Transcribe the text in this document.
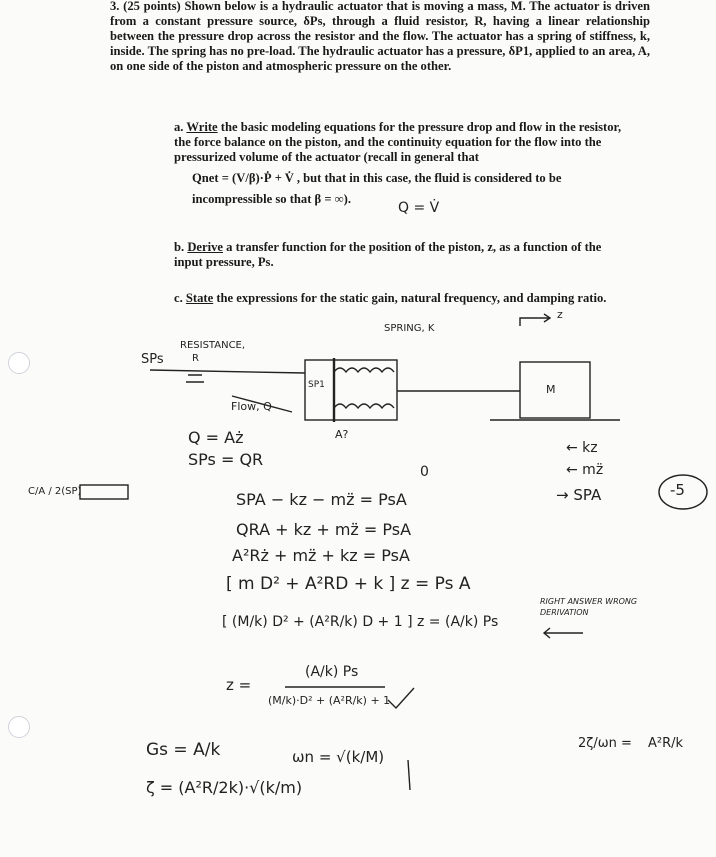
3. (25 points) Shown below is a hydraulic actuator that is moving a mass, M. The actuator is driven from a constant pressure source, δPs, through a fluid resistor, R, having a linear relationship between the pressure drop across the resistor and the flow. The actuator has a spring of stiffness, k, inside. The spring has no pre-load. The hydraulic actuator has a pressure, δP1, applied to an area, A, on one side of the piston and atmospheric pressure on the other.
a. Write the basic modeling equations for the pressure drop and flow in the resistor, the force balance on the piston, and the continuity equation for the flow into the pressurized volume of the actuator (recall in general that
Qnet = (V/β)·Ṗ + V̇ , but that in this case, the fluid is considered to be
incompressible so that β = ∞).
b. Derive a transfer function for the position of the piston, z, as a function of the input pressure, Ps.
c. State the expressions for the static gain, natural frequency, and damping ratio.
Q = V̇
SPRING, K
z
RESISTANCE,
R
SPs
SP1
Flow, Q
A?
M
Q = Aż
SPs = QR
← kz
← mz̈
→ SPA
C/A / 2(SP)	-5
0
SPA − kz − mz̈ = PsA
QRA + kz + mz̈ = PsA
A²Rż + mz̈ + kz = PsA
[ m D² + A²RD + k ] z = Ps A
[ (M/k) D² + (A²R/k) D + 1 ] z = (A/k) Ps
RIGHT ANSWER WRONG DERIVATION
z =
(A/k) Ps
(M/k)·D² + (A²R/k) + 1
Gs = A/k	ωn = √(k/M)
2ζ/ωn = A²R/k
ζ = (A²R/2k)·√(k/m)
